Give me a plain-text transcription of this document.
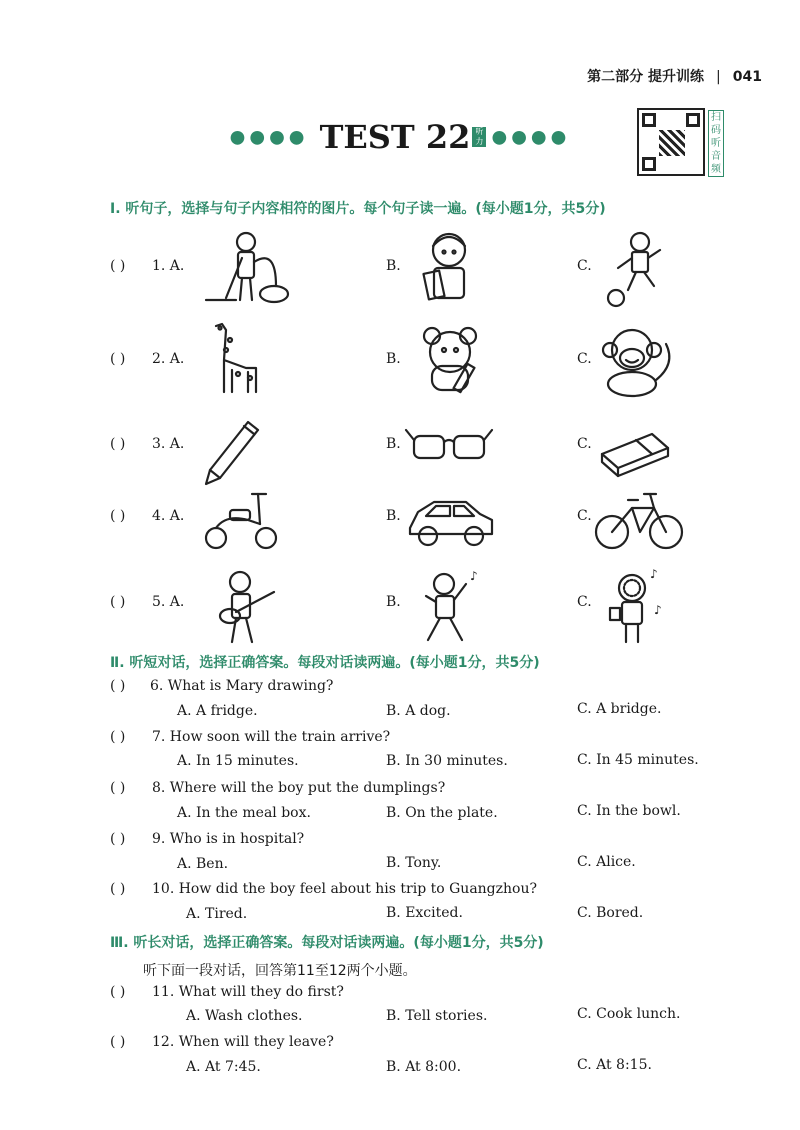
第二部分 提升训练 | 041
●●●● TEST 22 听力 ●●●●
扫码听音频
Ⅰ. 听句子，选择与句子内容相符的图片。每个句子读一遍。(每小题1分，共5分)
( ) 1. A.	B.	C.
( ) 2. A.	B.	C.
( ) 3. A.	B.	C.
( ) 4. A.	B.	C.
( ) 5. A.	B.	C.
♪	♪
♪
Ⅱ. 听短对话，选择正确答案。每段对话读两遍。(每小题1分，共5分)
( ) 6. What is Mary drawing?
A. A fridge.	B. A dog.	C. A bridge.
( ) 7. How soon will the train arrive?
A. In 15 minutes.	B. In 30 minutes.	C. In 45 minutes.
( ) 8. Where will the boy put the dumplings?
A. In the meal box.	B. On the plate.	C. In the bowl.
( ) 9. Who is in hospital?
A. Ben.	B. Tony.	C. Alice.
( ) 10. How did the boy feel about his trip to Guangzhou?
A. Tired.	B. Excited.	C. Bored.
Ⅲ. 听长对话，选择正确答案。每段对话读两遍。(每小题1分，共5分)
听下面一段对话，回答第11至12两个小题。
( ) 11. What will they do first?
A. Wash clothes.	B. Tell stories.	C. Cook lunch.
( ) 12. When will they leave?
A. At 7:45.	B. At 8:00.	C. At 8:15.
